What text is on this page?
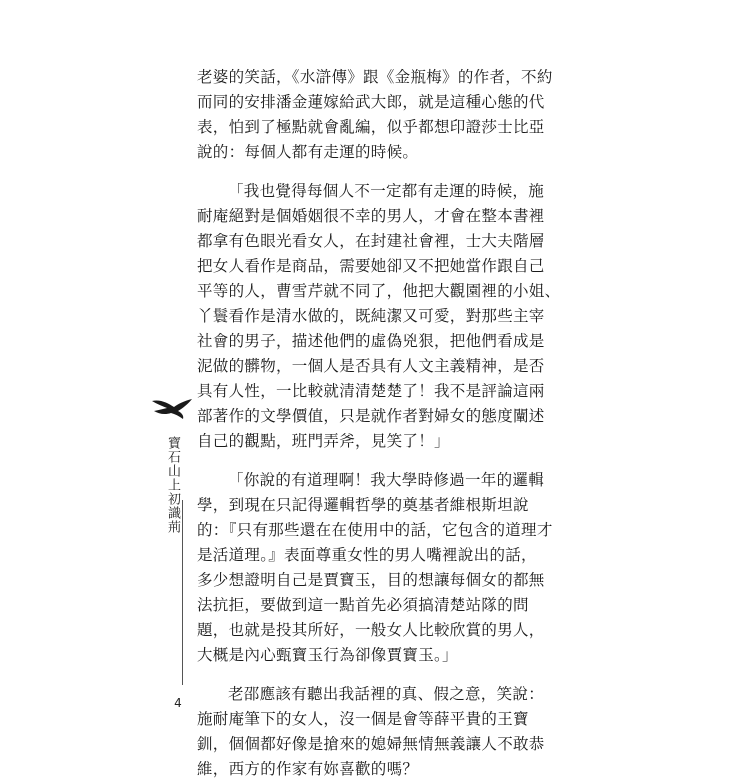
老婆的笑話，《水滸傳》跟《金瓶梅》的作者，不約
而同的安排潘金蓮嫁給武大郎，就是這種心態的代
表，怕到了極點就會亂編，似乎都想印證莎士比亞
說的：每個人都有走運的時候。

「我也覺得每個人不一定都有走運的時候，施
耐庵絕對是個婚姻很不幸的男人，才會在整本書裡
都拿有色眼光看女人，在封建社會裡，士大夫階層
把女人看作是商品，需要她卻又不把她當作跟自己
平等的人，曹雪芹就不同了，他把大觀園裡的小姐、
丫鬟看作是清水做的，既純潔又可愛，對那些主宰
社會的男子，描述他們的虛偽兇狠，把他們看成是
泥做的髒物，一個人是否具有人文主義精神，是否
具有人性，一比較就清清楚楚了！我不是評論這兩
部著作的文學價值，只是就作者對婦女的態度闡述
自己的觀點，班門弄斧，見笑了！」

「你說的有道理啊！我大學時修過一年的邏輯
學，到現在只記得邏輯哲學的奠基者維根斯坦說
的：『只有那些還在在使用中的話，它包含的道理才
是活道理。』表面尊重女性的男人嘴裡說出的話，
多少想證明自己是賈寶玉，目的想讓每個女的都無
法抗拒，要做到這一點首先必須搞清楚站隊的問
題，也就是投其所好，一般女人比較欣賞的男人，
大概是內心甄寶玉行為卻像賈寶玉。」

老邵應該有聽出我話裡的真、假之意，笑說：
施耐庵筆下的女人，沒一個是會等薛平貴的王寶
釧，個個都好像是搶來的媳婦無情無義讓人不敢恭
維，西方的作家有妳喜歡的嗎？

寶石山上初識荊
4
